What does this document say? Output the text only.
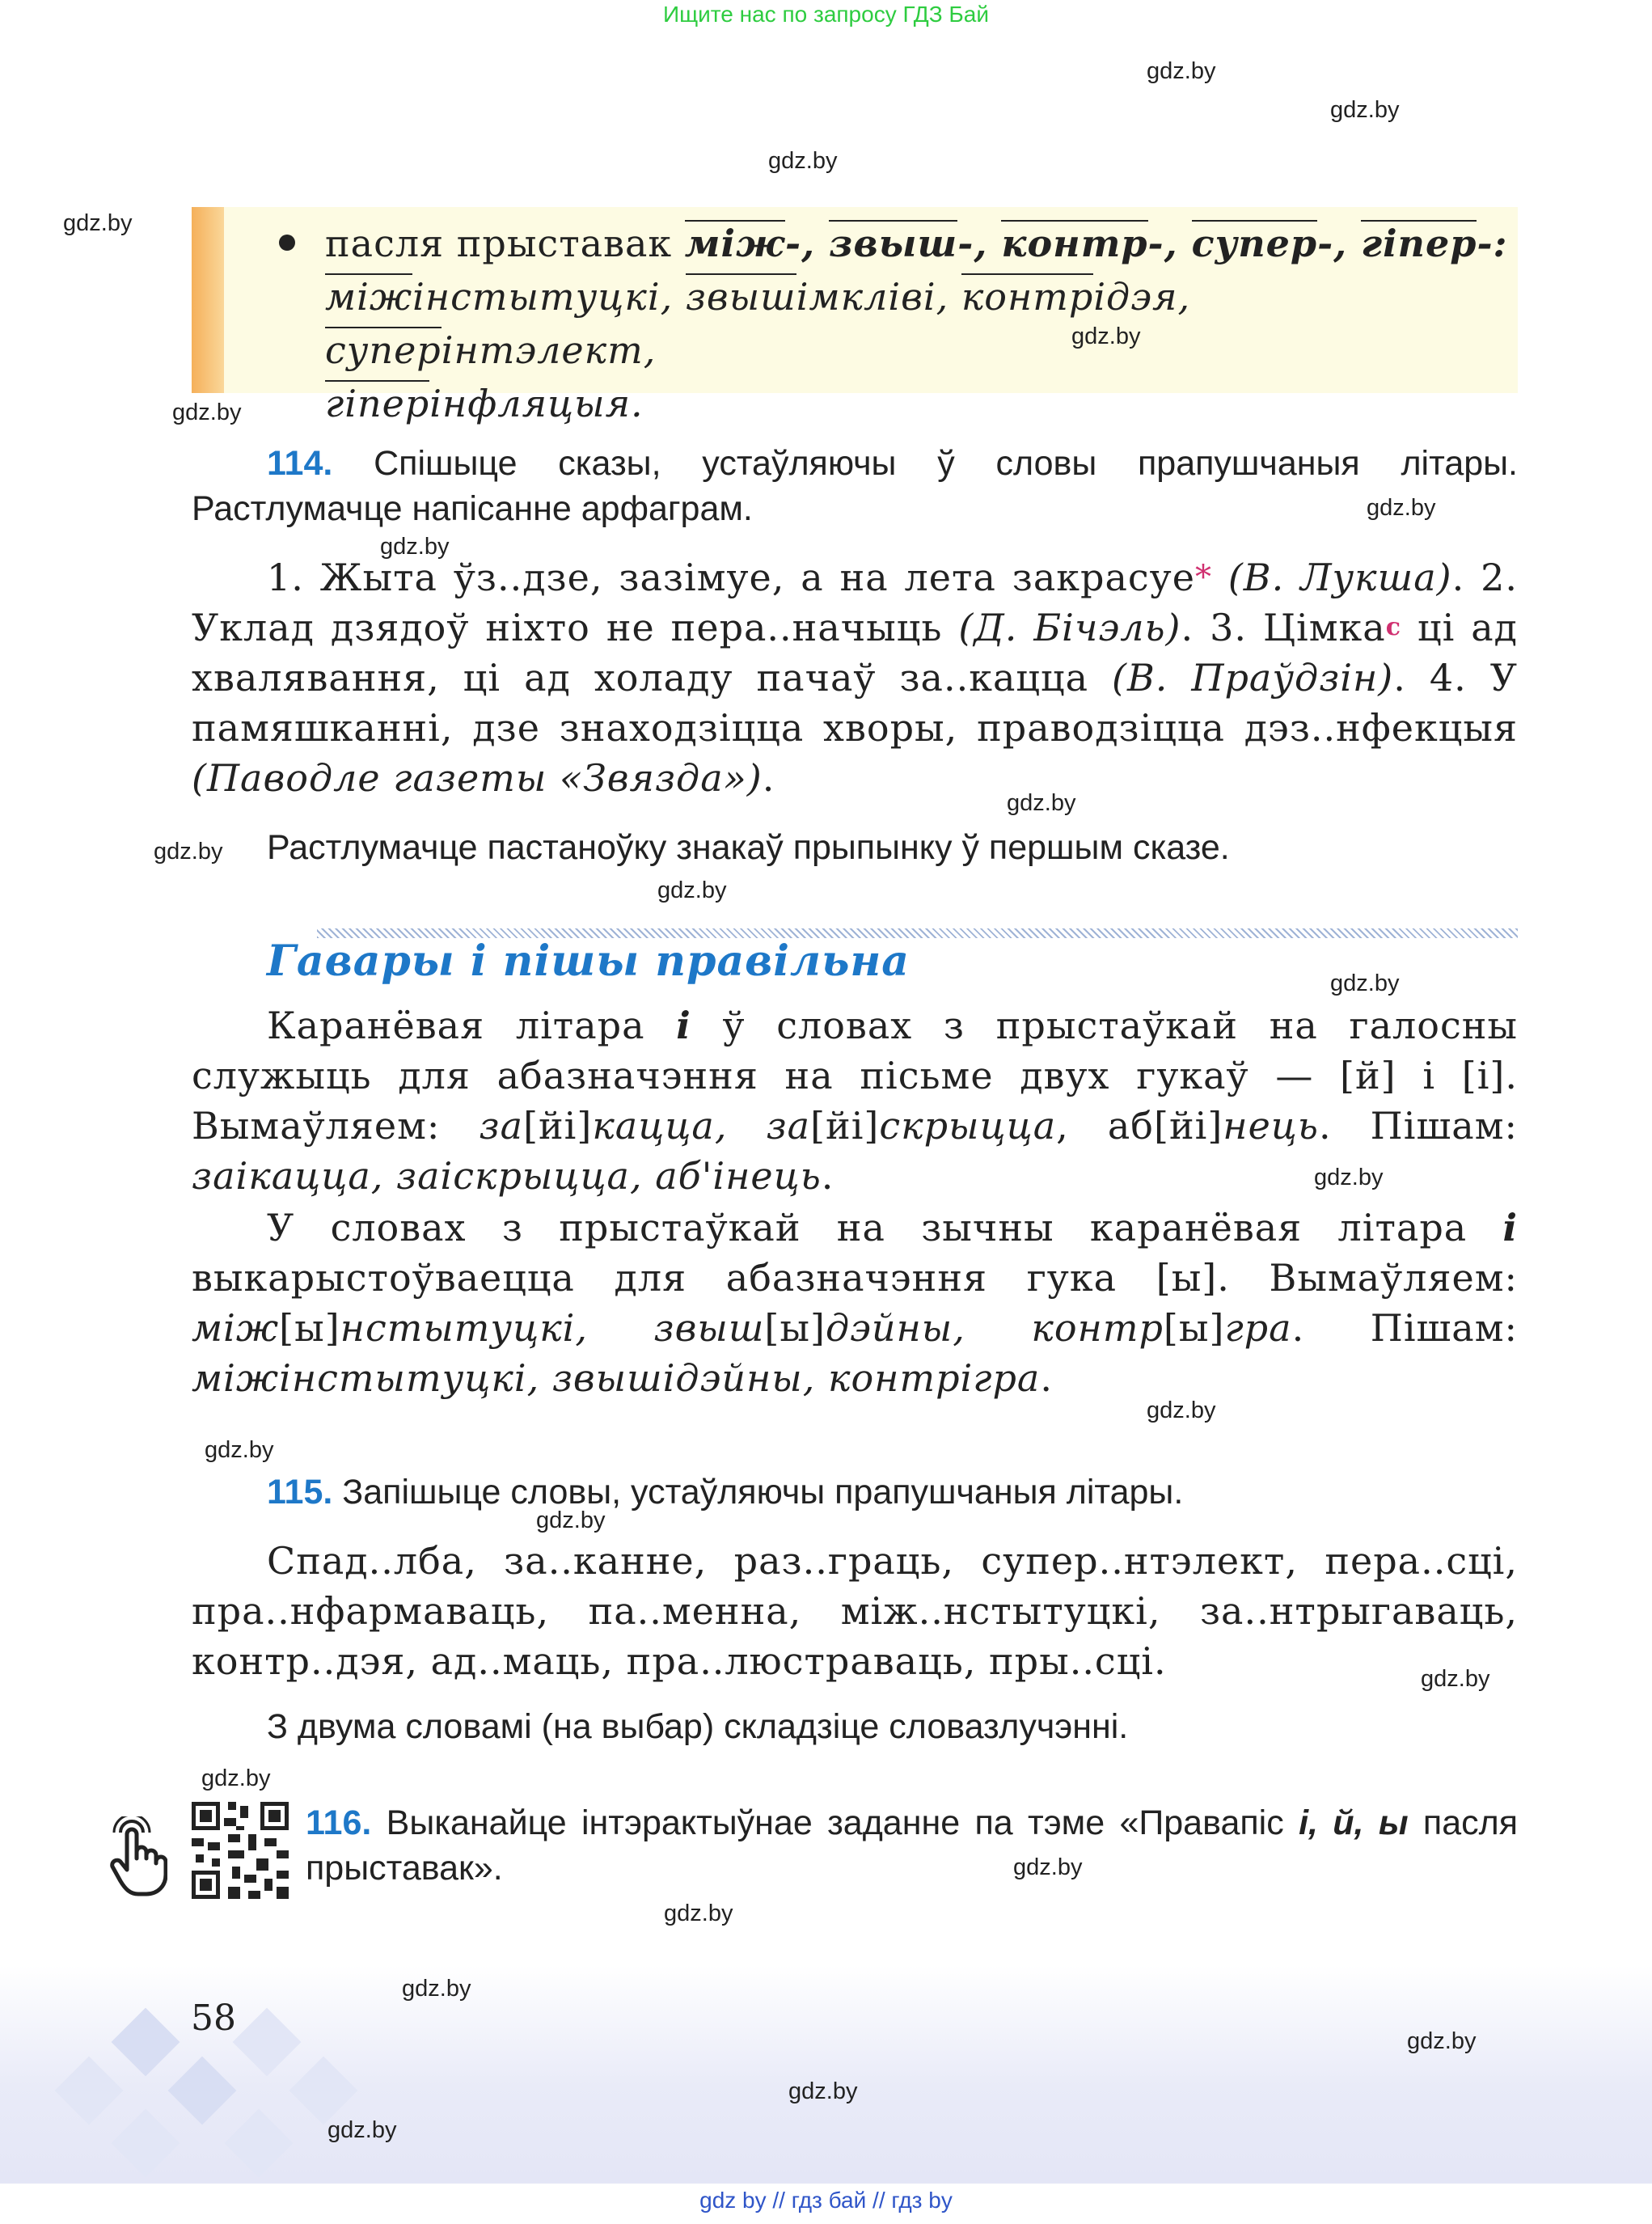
Ищите нас по запросу ГДЗ Бай
пасля прыставак між-, звыш-, контр-, супер-, гіпер-:
міжінстытуцкі, звышімкліві, контрідэя, суперінтэлект,
гіперінфляцыя.
114. Спішыце сказы, устаўляючы ў словы прапушчаныя літары. Растлумачце напісанне арфаграм.
1. Жыта ўз..дзе, зазімуе, а на лета закрасуе* (В. Лукша). 2. Уклад дзядоў ніхто не пера..начыць (Д. Бічэль). 3. Цімка$^с$ ці ад хвалявання, ці ад холаду пачаў за..кацца (В. Праўдзін). 4. У памяшканні, дзе знаходзіцца хворы, праводзіцца дэз..нфекцыя (Паводле газеты «Звязда»).
Растлумачце пастаноўку знакаў прыпынку ў першым сказе.
Гавары і пішы правільна
Каранёвая літара і ў словах з прыстаўкай на галосны служыць для абазначэння на пісьме двух гукаў — [й] і [і]. Вымаўляем: за[йі]кацца, за[йі]скрыцца, аб[йі]нець. Пішам: заікацца, заіскрыцца, аб'інець.
У словах з прыстаўкай на зычны каранёвая літара і выкарыстоўваецца для абазначэння гука [ы]. Вымаўляем: між[ы]нстытуцкі, звыш[ы]дэйны, контр[ы]гра. Пішам: міжінстытуцкі, звышідэйны, контрігра.
115. Запішыце словы, устаўляючы прапушчаныя літары.
Спад..лба, за..канне, раз..граць, супер..нтэлект, пера..сці, пра..нфармаваць, па..менна, між..нстытуцкі, за..нтрыгаваць, контр..дэя, ад..маць, пра..люстраваць, пры..сці.
З двума словамі (на выбар) складзіце словазлучэнні.
116. Выканайце інтэрактыўнае заданне па тэме «Правапіс і, й, ы пасля прыставак».
58
gdz by // гдз бай // гдз by
gdz.by
gdz.by
gdz.by
gdz.by
gdz.by
gdz.by
gdz.by
gdz.by
gdz.by
gdz.by
gdz.by
gdz.by
gdz.by
gdz.by
gdz.by
gdz.by
gdz.by
gdz.by
gdz.by
gdz.by
gdz.by
gdz.by
gdz.by
gdz.by
